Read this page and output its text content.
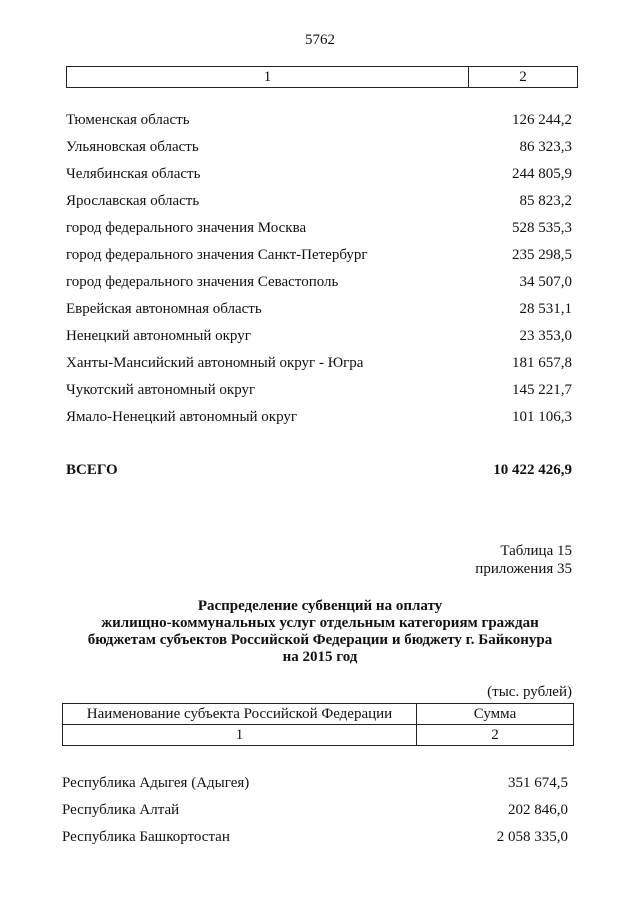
5762
1	2
Тюменская область	126 244,2
Ульяновская область	86 323,3
Челябинская область	244 805,9
Ярославская область	85 823,2
город федерального значения Москва	528 535,3
город федерального значения Санкт-Петербург	235 298,5
город федерального значения Севастополь	34 507,0
Еврейская автономная область	28 531,1
Ненецкий автономный округ	23 353,0
Ханты-Мансийский автономный округ - Югра	181 657,8
Чукотский автономный округ	145 221,7
Ямало-Ненецкий автономный округ	101 106,3
ВСЕГО	10 422 426,9
Таблица 15
приложения 35
Распределение субвенций на оплату
жилищно-коммунальных услуг отдельным категориям граждан
бюджетам субъектов Российской Федерации и бюджету г. Байконура
на 2015 год
(тыс. рублей)
Наименование субъекта Российской Федерации	Сумма
1	2
Республика Адыгея (Адыгея)	351 674,5
Республика Алтай	202 846,0
Республика Башкортостан	2 058 335,0
